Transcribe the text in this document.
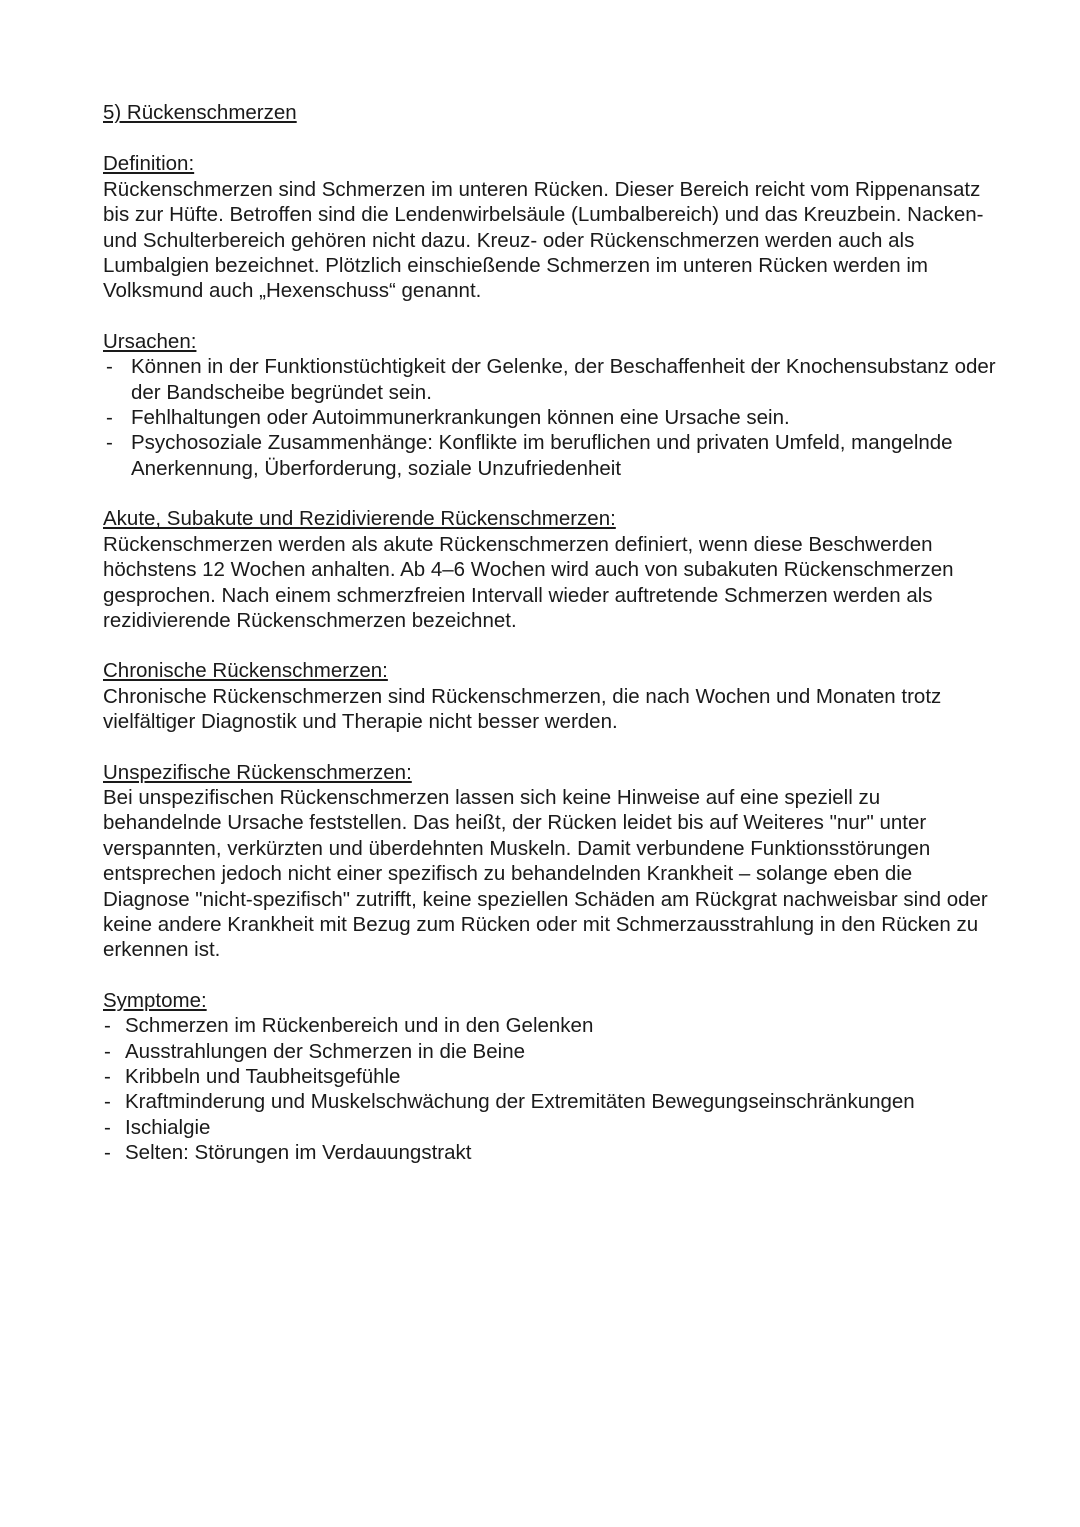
5) Rückenschmerzen
Definition:

Rückenschmerzen sind Schmerzen im unteren Rücken. Dieser Bereich reicht vom Rippenansatz bis zur Hüfte. Betroffen sind die Lendenwirbelsäule (Lumbalbereich) und das Kreuzbein. Nacken- und Schulterbereich gehören nicht dazu. Kreuz- oder Rückenschmerzen werden auch als Lumbalgien bezeichnet. Plötzlich einschießende Schmerzen im unteren Rücken werden im Volksmund auch „Hexenschuss“ genannt.

Ursachen:
- Können in der Funktionstüchtigkeit der Gelenke, der Beschaffenheit der Knochensubstanz oder der Bandscheibe begründet sein.
- Fehlhaltungen oder Autoimmunerkrankungen können eine Ursache sein.
- Psychosoziale Zusammenhänge: Konflikte im beruflichen und privaten Umfeld, mangelnde Anerkennung, Überforderung, soziale Unzufriedenheit
Akute, Subakute und Rezidivierende Rückenschmerzen:

Rückenschmerzen werden als akute Rückenschmerzen definiert, wenn diese Beschwerden höchstens 12 Wochen anhalten. Ab 4–6 Wochen wird auch von subakuten Rückenschmerzen gesprochen. Nach einem schmerzfreien Intervall wieder auftretende Schmerzen werden als rezidivierende Rückenschmerzen bezeichnet.

Chronische Rückenschmerzen:

Chronische Rückenschmerzen sind Rückenschmerzen, die nach Wochen und Monaten trotz vielfältiger Diagnostik und Therapie nicht besser werden.

Unspezifische Rückenschmerzen:

Bei unspezifischen Rückenschmerzen lassen sich keine Hinweise auf eine speziell zu behandelnde Ursache feststellen. Das heißt, der Rücken leidet bis auf Weiteres "nur" unter verspannten, verkürzten und überdehnten Muskeln. Damit verbundene Funktionsstörungen entsprechen jedoch nicht einer spezifisch zu behandelnden Krankheit – solange eben die Diagnose "nicht-spezifisch" zutrifft, keine speziellen Schäden am Rückgrat nachweisbar sind oder keine andere Krankheit mit Bezug zum Rücken oder mit Schmerzausstrahlung in den Rücken zu erkennen ist.

Symptome:
- Schmerzen im Rückenbereich und in den Gelenken
- Ausstrahlungen der Schmerzen in die Beine
- Kribbeln und Taubheitsgefühle
- Kraftminderung und Muskelschwächung der Extremitäten Bewegungseinschränkungen
- Ischialgie
- Selten: Störungen im Verdauungstrakt
